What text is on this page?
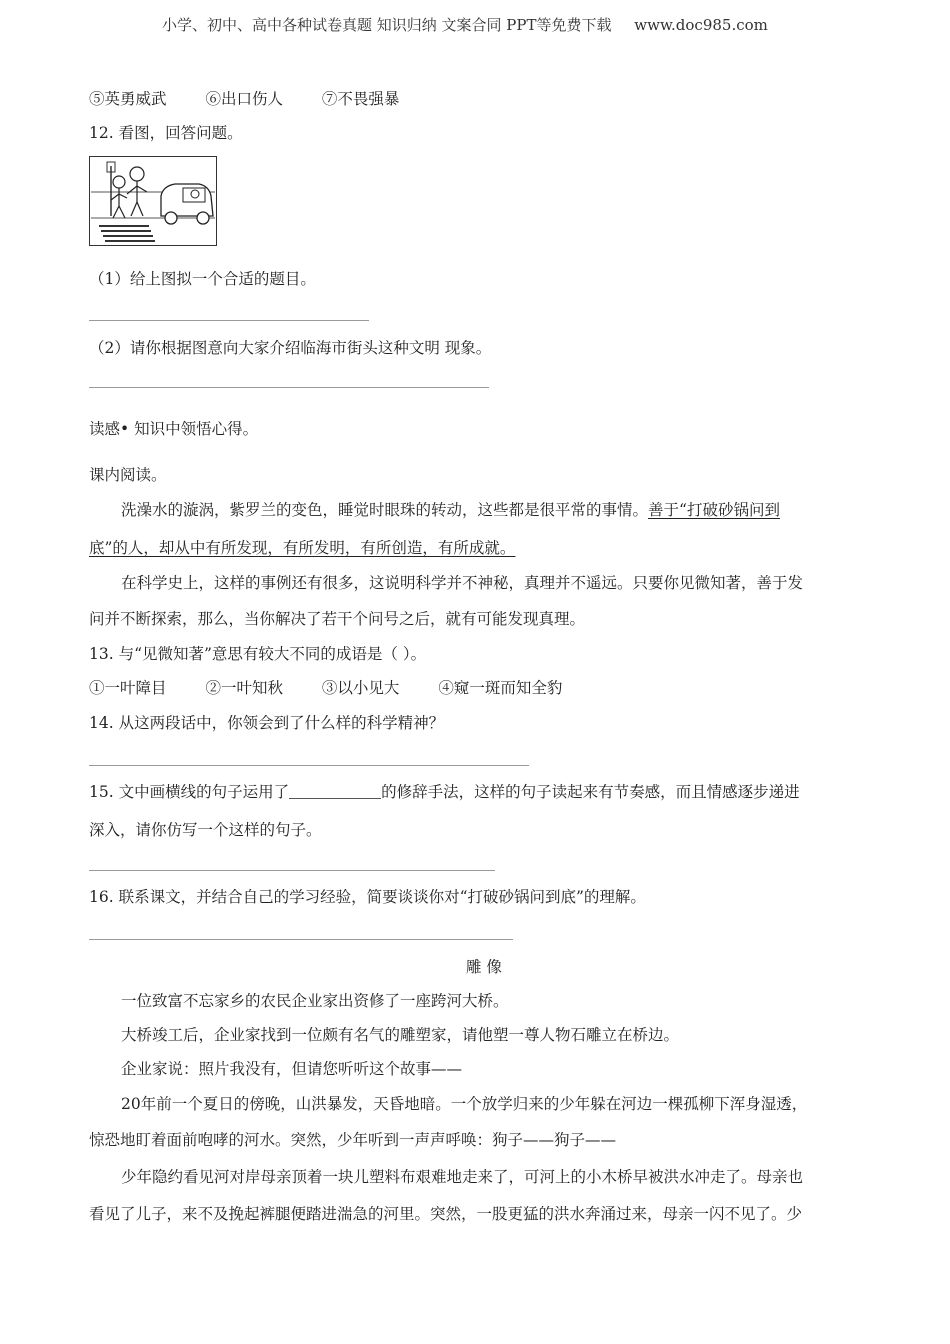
小学、初中、高中各种试卷真题 知识归纳 文案合同 PPT等免费下载 www.doc985.com
⑤英勇威武	⑥出口伤人	⑦不畏强暴
12. 看图，回答问题。
（1）给上图拟一个合适的题目。
（2）请你根据图意向大家介绍临海市街头这种文明 现象。
读感• 知识中领悟心得。
课内阅读。
洗澡水的漩涡，紫罗兰的变色，睡觉时眼珠的转动，这些都是很平常的事情。善于“打破砂锅问到
底”的人，却从中有所发现，有所发明，有所创造，有所成就。
在科学史上，这样的事例还有很多，这说明科学并不神秘，真理并不遥远。只要你见微知著，善于发
问并不断探索，那么，当你解决了若干个问号之后，就有可能发现真理。
13. 与“见微知著”意思有较大不同的成语是（ ）。
①一叶障目	②一叶知秋	③以小见大	④窥一斑而知全豹
14. 从这两段话中，你领会到了什么样的科学精神？
15. 文中画横线的句子运用了	的修辞手法，这样的句子读起来有节奏感，而且情感逐步递进
深入，请你仿写一个这样的句子。
16. 联系课文，并结合自己的学习经验，简要谈谈你对“打破砂锅问到底”的理解。
雕 像
一位致富不忘家乡的农民企业家出资修了一座跨河大桥。
大桥竣工后，企业家找到一位颇有名气的雕塑家，请他塑一尊人物石雕立在桥边。
企业家说：照片我没有，但请您听听这个故事——
20年前一个夏日的傍晚，山洪暴发，天昏地暗。一个放学归来的少年躲在河边一棵孤柳下浑身湿透，
惊恐地盯着面前咆哮的河水。突然，少年听到一声声呼唤：狗子——狗子——
少年隐约看见河对岸母亲顶着一块儿塑料布艰难地走来了，可河上的小木桥早被洪水冲走了。母亲也
看见了儿子，来不及挽起裤腿便踏进湍急的河里。突然，一股更猛的洪水奔涌过来，母亲一闪不见了。少
